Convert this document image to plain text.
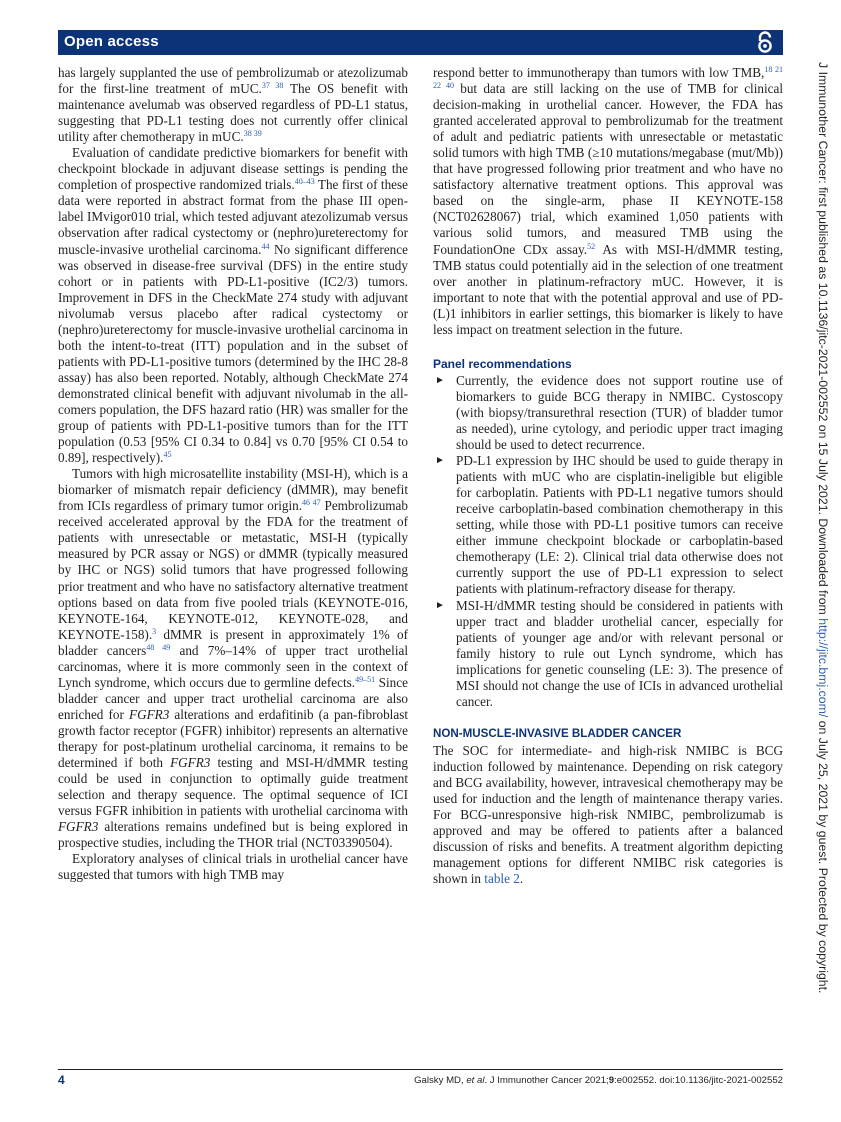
Open access

has largely supplanted the use of pembrolizumab or atezolizumab for the first-line treatment of mUC.$^{37 38}$ The OS benefit with maintenance avelumab was observed regardless of PD-L1 status, suggesting that PD-L1 testing does not currently offer clinical utility after chemotherapy in mUC.$^{38 39}$

Evaluation of candidate predictive biomarkers for benefit with checkpoint blockade in adjuvant disease settings is pending the completion of prospective randomized trials.$^{40-43}$ The first of these data were reported in abstract format from the phase III open-label IMvigor010 trial, which tested adjuvant atezolizumab versus observation after radical cystectomy or (nephro)ureterectomy for muscle-invasive urothelial carcinoma.$^{44}$ No significant difference was observed in disease-free survival (DFS) in the entire study cohort or in patients with PD-L1-positive (IC2/3) tumors. Improvement in DFS in the CheckMate 274 study with adjuvant nivolumab versus placebo after radical cystectomy or (nephro)ureterectomy for muscle-invasive urothelial carcinoma in both the intent-to-treat (ITT) population and in the subset of patients with PD-L1-positive tumors (determined by the IHC 28-8 assay) has also been reported. Notably, although CheckMate 274 demonstrated clinical benefit with adjuvant nivolumab in the all-comers population, the DFS hazard ratio (HR) was smaller for the group of patients with PD-L1-positive tumors than for the ITT population (0.53 [95% CI 0.34 to 0.84] vs 0.70 [95% CI 0.54 to 0.89], respectively).$^{45}$

Tumors with high microsatellite instability (MSI-H), which is a biomarker of mismatch repair deficiency (dMMR), may benefit from ICIs regardless of primary tumor origin.$^{46 47}$ Pembrolizumab received accelerated approval by the FDA for the treatment of patients with unresectable or metastatic, MSI-H (typically measured by PCR assay or NGS) or dMMR (typically measured by IHC or NGS) solid tumors that have progressed following prior treatment and who have no satisfactory alternative treatment options based on data from five pooled trials (KEYNOTE-016, KEYNOTE-164, KEYNOTE-012, KEYNOTE-028, and KEYNOTE-158).$^3$ dMMR is present in approximately 1% of bladder cancers$^{48 49}$ and 7%–14% of upper tract urothelial carcinomas, where it is more commonly seen in the context of Lynch syndrome, which occurs due to germline defects.$^{49-51}$ Since bladder cancer and upper tract urothelial carcinoma are also enriched for FGFR3 alterations and erdafitinib (a pan-fibroblast growth factor receptor (FGFR) inhibitor) represents an alternative therapy for post-platinum urothelial carcinoma, it remains to be determined if both FGFR3 testing and MSI-H/dMMR testing could be used in conjunction to optimally guide treatment selection and therapy sequence. The optimal sequence of ICI versus FGFR inhibition in patients with urothelial carcinoma with FGFR3 alterations remains undefined but is being explored in prospective studies, including the THOR trial (NCT03390504).

Exploratory analyses of clinical trials in urothelial cancer have suggested that tumors with high TMB may

respond better to immunotherapy than tumors with low TMB,$^{18 21 22 40}$ but data are still lacking on the use of TMB for clinical decision-making in urothelial cancer. However, the FDA has granted accelerated approval to pembrolizumab for the treatment of adult and pediatric patients with unresectable or metastatic solid tumors with high TMB (≥10 mutations/megabase (mut/Mb)) that have progressed following prior treatment and who have no satisfactory alternative treatment options. This approval was based on the single-arm, phase II KEYNOTE-158 (NCT02628067) trial, which examined 1,050 patients with various solid tumors, and measured TMB using the FoundationOne CDx assay.$^{52}$ As with MSI-H/dMMR testing, TMB status could potentially aid in the selection of one treatment over another in platinum-refractory mUC. However, it is important to note that with the potential approval and use of PD-(L)1 inhibitors in earlier settings, this biomarker is likely to have less impact on treatment selection in the future.

Panel recommendations
► Currently, the evidence does not support routine use of biomarkers to guide BCG therapy in NMIBC. Cystoscopy (with biopsy/transurethral resection (TUR) of bladder tumor as needed), urine cytology, and periodic upper tract imaging should be used to detect recurrence.
► PD-L1 expression by IHC should be used to guide therapy in patients with mUC who are cisplatin-ineligible but eligible for carboplatin. Patients with PD-L1 negative tumors should receive carboplatin-based combination chemotherapy in this setting, while those with PD-L1 positive tumors can receive either immune checkpoint blockade or carboplatin-based chemotherapy (LE: 2). Clinical trial data otherwise does not currently support the use of PD-L1 expression to select patients with platinum-refractory disease for therapy.
► MSI-H/dMMR testing should be considered in patients with upper tract and bladder urothelial cancer, especially for patients of younger age and/or with relevant personal or family history to rule out Lynch syndrome, which has implications for genetic counseling (LE: 3). The presence of MSI should not change the use of ICIs in advanced urothelial cancer.
NON-MUSCLE-INVASIVE BLADDER CANCER

The SOC for intermediate- and high-risk NMIBC is BCG induction followed by maintenance. Depending on risk category and BCG availability, however, intravesical chemotherapy may be used for induction and the length of maintenance therapy varies. For BCG-unresponsive high-risk NMIBC, pembrolizumab is approved and may be offered to patients after a balanced discussion of risks and benefits. A treatment algorithm depicting management options for different NMIBC risk categories is shown in table 2.

J Immunother Cancer: first published as 10.1136/jitc-2021-002552 on 15 July 2021. Downloaded from http://jitc.bmj.com/ on July 25, 2021 by guest. Protected by copyright.
4	Galsky MD, et al. J Immunother Cancer 2021;9:e002552. doi:10.1136/jitc-2021-002552
